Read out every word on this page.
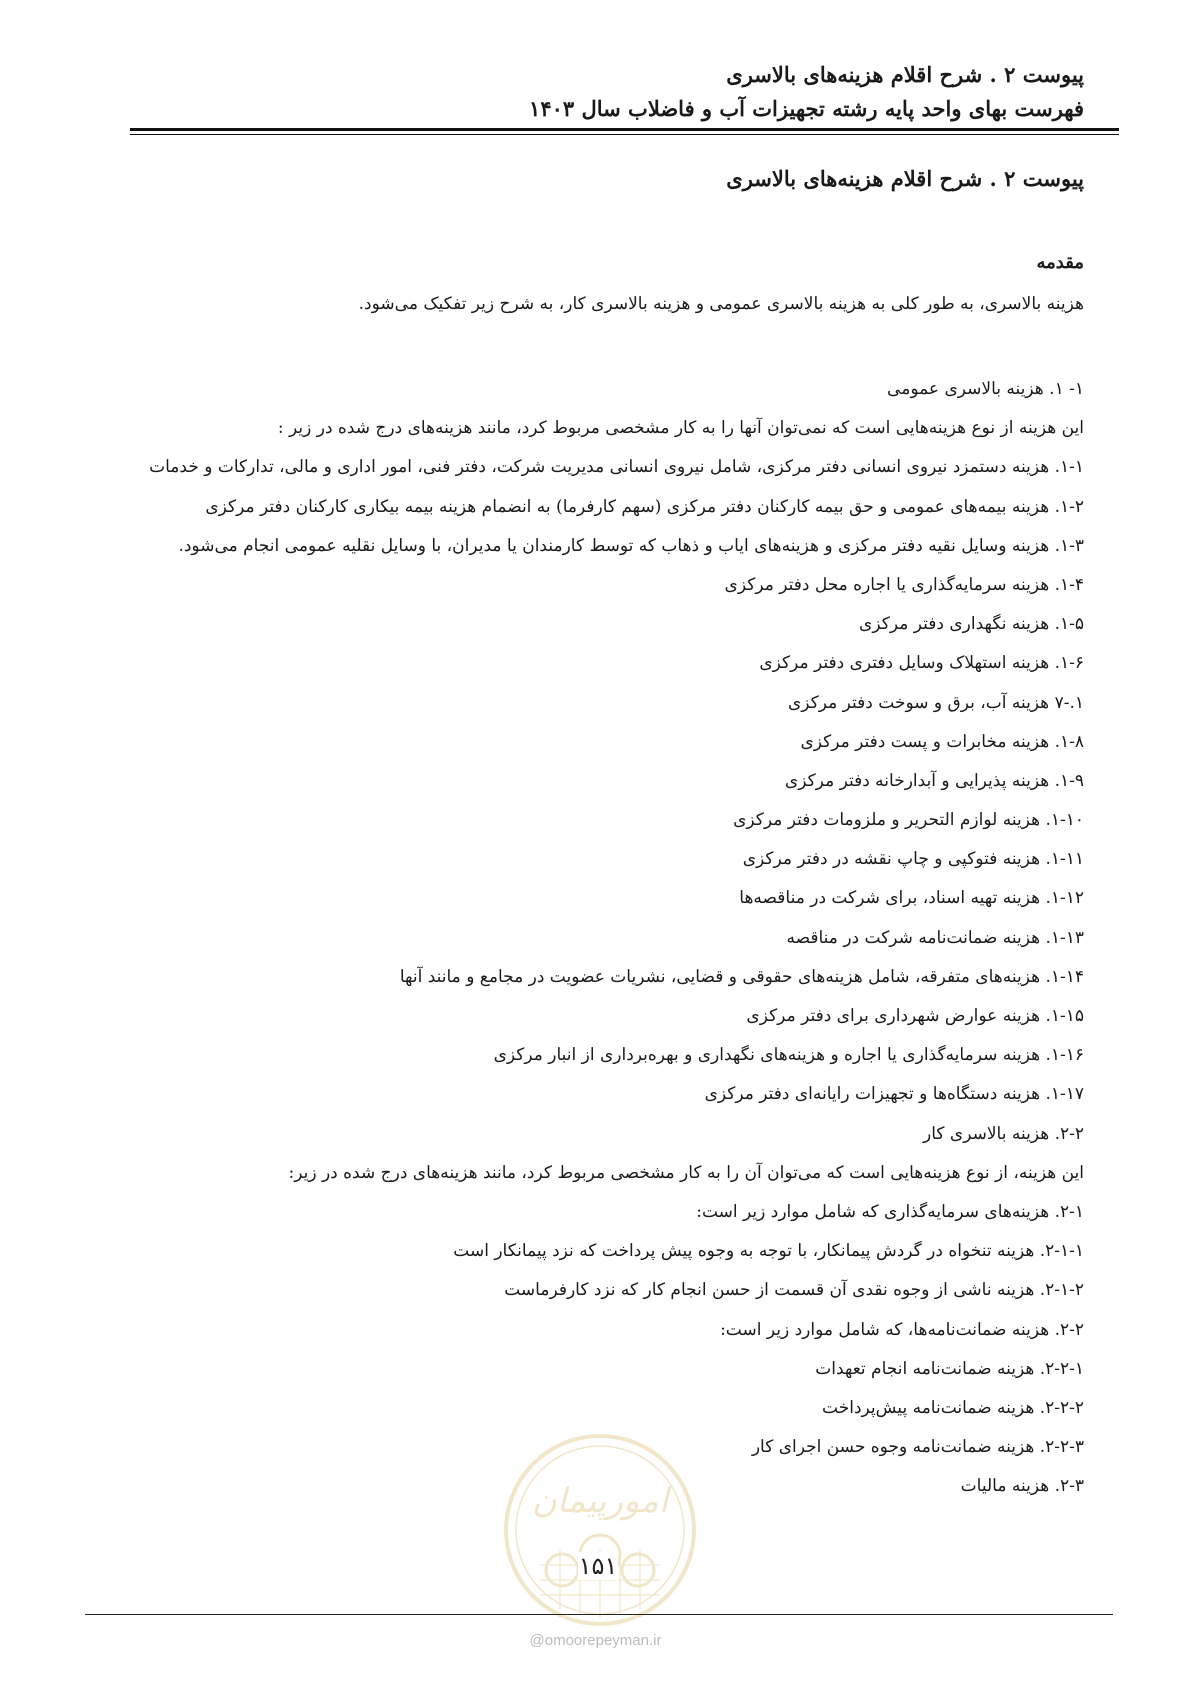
پیوست ۲ . شرح اقلام هزینه‌های بالاسری
فهرست بهای واحد پایه رشته تجهیزات آب و فاضلاب سال ۱۴۰۳
پیوست ۲ . شرح اقلام هزینه‌های بالاسری
مقدمه
هزینه بالاسری، به طور کلی به هزینه بالاسری عمومی و هزینه بالاسری کار، به شرح زیر تفکیک می‌شود.
۱- ۱. هزینه بالاسری عمومی
این هزینه از نوع هزینه‌هایی است که نمی‌توان آنها را به کار مشخصی مربوط کرد، مانند هزینه‌های درج شده در زیر :
۱-۱. هزینه دستمزد نیروی انسانی دفتر مرکزی، شامل نیروی انسانی مدیریت شرکت، دفتر فنی، امور اداری و مالی، تدارکات و خدمات
۱-۲. هزینه بیمه‌های عمومی و حق بیمه کارکنان دفتر مرکزی (سهم کارفرما) به انضمام هزینه بیمه بیکاری کارکنان دفتر مرکزی
۱-۳. هزینه وسایل نقیه دفتر مرکزی و هزینه‌های ایاب و ذهاب که توسط کارمندان یا مدیران، با وسایل نقلیه عمومی انجام می‌شود.
۱-۴. هزینه سرمایه‌گذاری یا اجاره محل دفتر مرکزی
۱-۵. هزینه نگهداری دفتر مرکزی
۱-۶. هزینه استهلاک وسایل دفتری دفتر مرکزی
۱.-۷ هزینه آب، برق و سوخت دفتر مرکزی
۱-۸. هزینه مخابرات و پست دفتر مرکزی
۱-۹. هزینه پذیرایی و آبدارخانه دفتر مرکزی
۱-۱۰. هزینه لوازم التحریر و ملزومات دفتر مرکزی
۱-۱۱. هزینه فتوکپی و چاپ نقشه در دفتر مرکزی
۱-۱۲. هزینه تهیه اسناد، برای شرکت در مناقصه‌ها
۱-۱۳. هزینه ضمانت‌نامه شرکت در مناقصه
۱-۱۴. هزینه‌های متفرقه، شامل هزینه‌های حقوقی و قضایی، نشریات عضویت در مجامع و مانند آنها
۱-۱۵. هزینه عوارض شهرداری برای دفتر مرکزی
۱-۱۶. هزینه سرمایه‌گذاری یا اجاره و هزینه‌های نگهداری و بهره‌برداری از انبار مرکزی
۱-۱۷. هزینه دستگاه‌ها و تجهیزات رایانه‌ای دفتر مرکزی
۲-۲. هزینه بالاسری کار
این هزینه، از نوع هزینه‌هایی است که می‌توان آن را به کار مشخصی مربوط کرد، مانند هزینه‌های درج شده در زیر:
۲-۱. هزینه‌های سرمایه‌گذاری که شامل موارد زیر است:
۲-۱-۱. هزینه تنخواه در گردش پیمانکار، با توجه به وجوه پیش پرداخت که نزد پیمانکار است
۲-۱-۲. هزینه ناشی از وجوه نقدی آن قسمت از حسن انجام کار که نزد کارفرماست
۲-۲. هزینه ضمانت‌نامه‌ها، که شامل موارد زیر است:
۲-۲-۱. هزینه ضمانت‌نامه انجام تعهدات
۲-۲-۲. هزینه ضمانت‌نامه پیش‌پرداخت
۲-۲-۳. هزینه ضمانت‌نامه وجوه حسن اجرای کار
۲-۳. هزینه مالیات
امورپیمان
۱۵۱
@omoorepeyman.ir
